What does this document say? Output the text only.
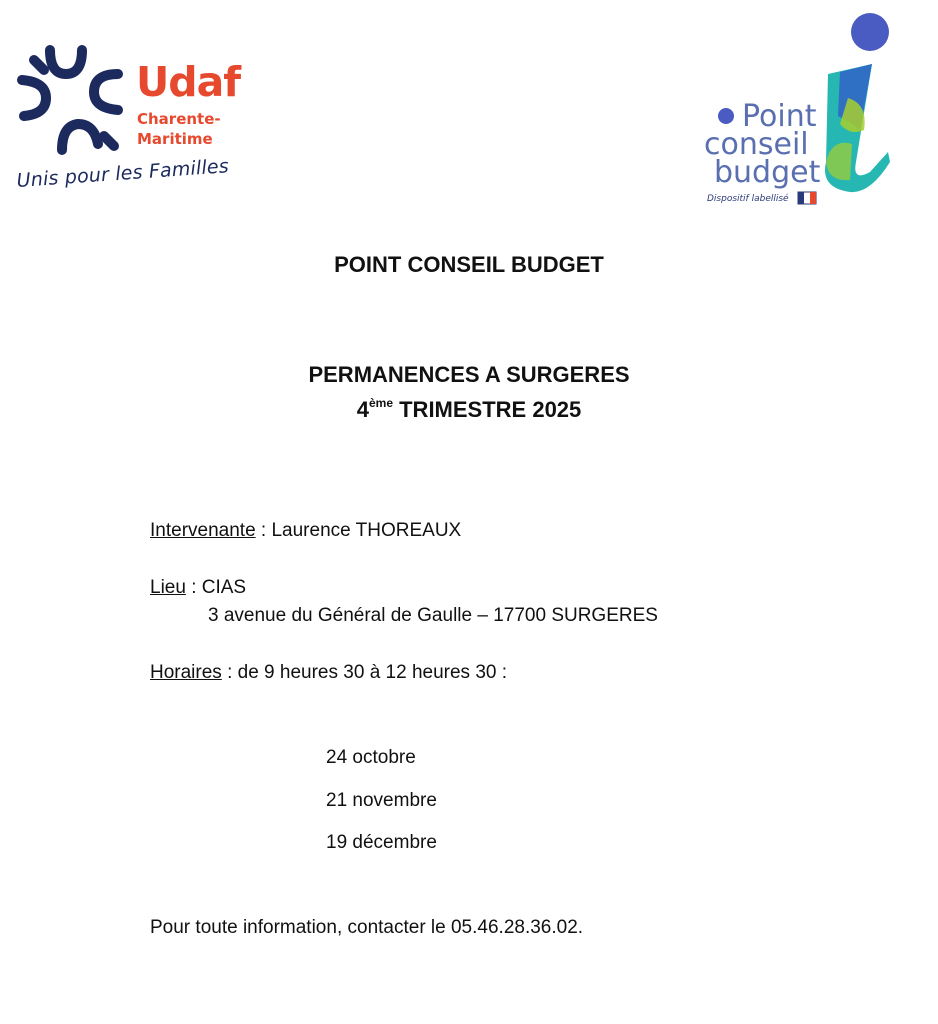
Udaf
Charente-
Maritime
Unis pour les Familles
Point
conseil
budget
Dispositif labellisé
POINT CONSEIL BUDGET
PERMANENCES A SURGERES
4ème TRIMESTRE 2025
Intervenante : Laurence THOREAUX
Lieu : CIAS
3 avenue du Général de Gaulle – 17700 SURGERES
Horaires : de 9 heures 30 à 12 heures 30 :
24 octobre
21 novembre
19 décembre
Pour toute information, contacter le 05.46.28.36.02.
